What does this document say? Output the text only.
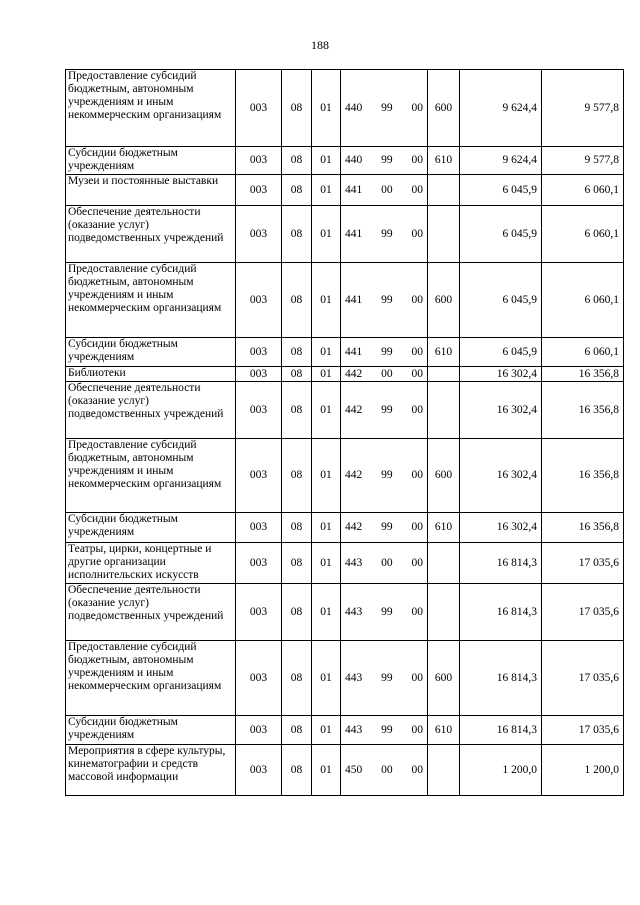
188
Предоставление субсидий бюджетным, автономным учреждениям и иным некоммерческим организациям	003	08	01	440 99 00	600	9 624,4	9 577,8
Субсидии бюджетным учреждениям	003	08	01	440 99 00	610	9 624,4	9 577,8
Музеи и постоянные выставки	003	08	01	441 00 00		6 045,9	6 060,1
Обеспечение деятельности (оказание услуг) подведомственных учреждений	003	08	01	441 99 00		6 045,9	6 060,1
Предоставление субсидий бюджетным, автономным учреждениям и иным некоммерческим организациям	003	08	01	441 99 00	600	6 045,9	6 060,1
Субсидии бюджетным учреждениям	003	08	01	441 99 00	610	6 045,9	6 060,1
Библиотеки	003	08	01	442 00 00		16 302,4	16 356,8
Обеспечение деятельности (оказание услуг) подведомственных учреждений	003	08	01	442 99 00		16 302,4	16 356,8
Предоставление субсидий бюджетным, автономным учреждениям и иным некоммерческим организациям	003	08	01	442 99 00	600	16 302,4	16 356,8
Субсидии бюджетным учреждениям	003	08	01	442 99 00	610	16 302,4	16 356,8
Театры, цирки, концертные и другие организации исполнительских искусств	003	08	01	443 00 00		16 814,3	17 035,6
Обеспечение деятельности (оказание услуг) подведомственных учреждений	003	08	01	443 99 00		16 814,3	17 035,6
Предоставление субсидий бюджетным, автономным учреждениям и иным некоммерческим организациям	003	08	01	443 99 00	600	16 814,3	17 035,6
Субсидии бюджетным учреждениям	003	08	01	443 99 00	610	16 814,3	17 035,6
Мероприятия в сфере культуры, кинематографии и средств массовой информации	003	08	01	450 00 00		1 200,0	1 200,0
